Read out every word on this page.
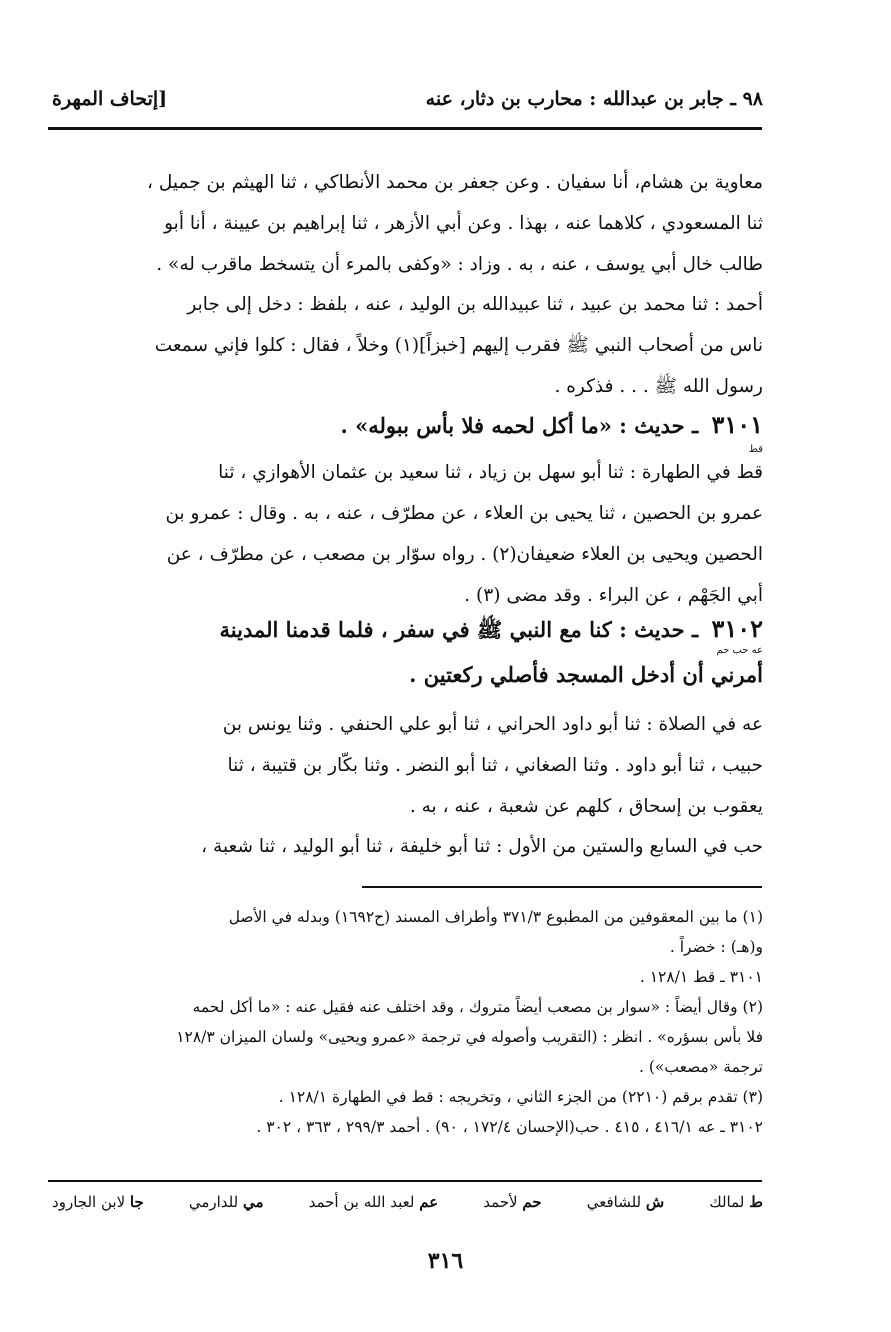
٩٨ ـ جابر بن عبدالله : محارب بن دثار، عنه
[إتحاف المهرة
معاوية بن هشام، أنا سفيان . وعن جعفر بن محمد الأنطاكي ، ثنا الهيثم بن جميل ،
ثنا المسعودي ، كلاهما عنه ، بهذا . وعن أبي الأزهر ، ثنا إبراهيم بن عيينة ، أنا أبو
طالب خال أبي يوسف ، عنه ، به . وزاد : «وكفى بالمرء أن يتسخط ماقرب له» .
أحمد : ثنا محمد بن عبيد ، ثنا عبيدالله بن الوليد ، عنه ، بلفظ : دخل إلى جابر
ناس من أصحاب النبي ﷺ فقرب إليهم [خبزاً](١) وخلاً ، فقال : كلوا فإني سمعت
رسول الله ﷺ . . . فذكره .
٣١٠١ ـ حديث : «ما أكل لحمه فلا بأس ببوله» .
قط
قط في الطهارة : ثنا أبو سهل بن زياد ، ثنا سعيد بن عثمان الأهوازي ، ثنا
عمرو بن الحصين ، ثنا يحيى بن العلاء ، عن مطرّف ، عنه ، به . وقال : عمرو بن
الحصين ويحيى بن العلاء ضعيفان(٢) . رواه سوّار بن مصعب ، عن مطرّف ، عن
أبي الجَهْم ، عن البراء . وقد مضى (٣) .
٣١٠٢ ـ حديث : كنا مع النبي ﷺ في سفر ، فلما قدمنا المدينة
عه حب حم
أمرني أن أدخل المسجد فأصلي ركعتين .
عه في الصلاة : ثنا أبو داود الحراني ، ثنا أبو علي الحنفي . وثنا يونس بن
حبيب ، ثنا أبو داود . وثنا الصغاني ، ثنا أبو النضر . وثنا بكّار بن قتيبة ، ثنا
يعقوب بن إسحاق ، كلهم عن شعبة ، عنه ، به .
حب في السابع والستين من الأول : ثنا أبو خليفة ، ثنا أبو الوليد ، ثنا شعبة ،
(١) ما بين المعقوفين من المطبوع ٣٧١/٣ وأطراف المسند (ح١٦٩٢) وبدله في الأصل
و(هـ) : خضراً .
٣١٠١ ـ قط ١٢٨/١ .
(٢) وقال أيضاً : «سوار بن مصعب أيضاً متروك ، وقد اختلف عنه فقيل عنه : «ما أكل لحمه
فلا بأس بسؤره» . انظر : (التقريب وأصوله في ترجمة «عمرو ويحيى» ولسان الميزان ١٢٨/٣
ترجمة «مصعب») .
(٣) تقدم برقم (٢٢١٠) من الجزء الثاني ، وتخريجه : قط في الطهارة ١٢٨/١ .
٣١٠٢ ـ عه ٤١٦/١ ، ٤١٥ . حب(الإحسان ١٧٢/٤ ، ٩٠) . أحمد ٢٩٩/٣ ، ٣٦٣ ، ٣٠٢ .
ط لمالك
ش للشافعي
حم لأحمد
عم لعبد الله بن أحمد
مي للدارمي
جا لابن الجارود
٣١٦
